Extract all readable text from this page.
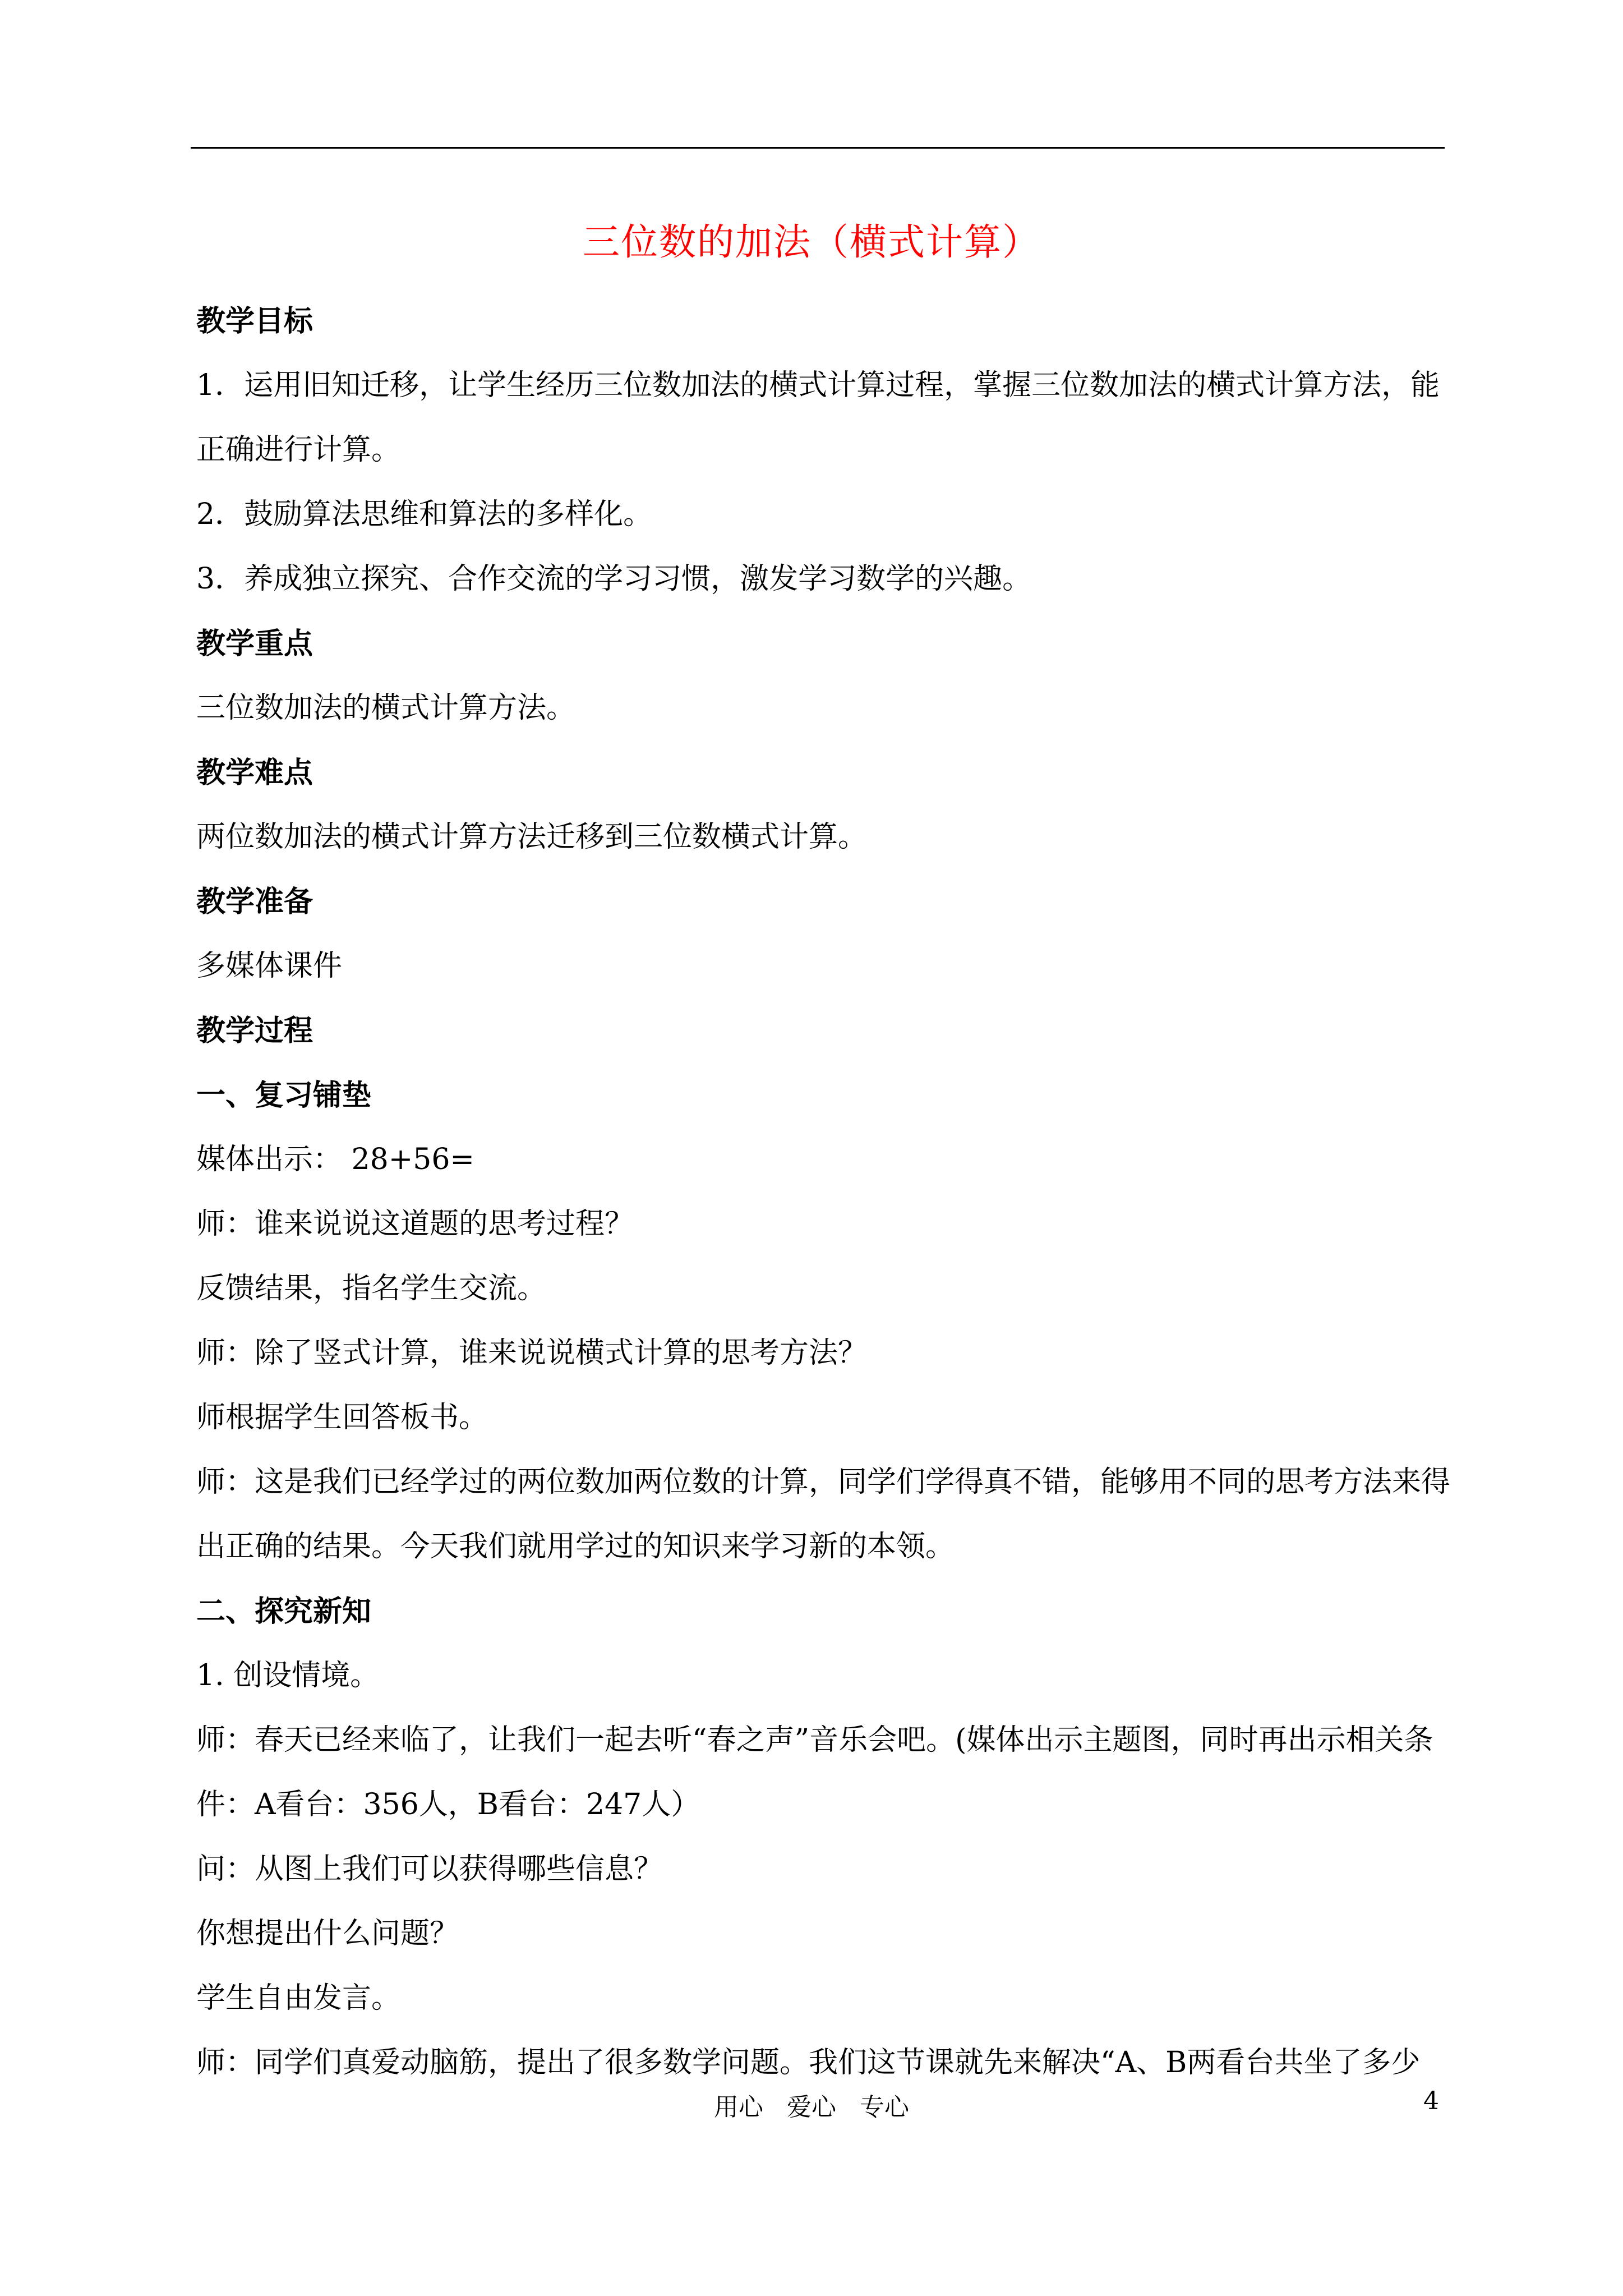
三位数的加法（横式计算）

教学目标

1．运用旧知迁移，让学生经历三位数加法的横式计算过程，掌握三位数加法的横式计算方法，能

正确进行计算。

2．鼓励算法思维和算法的多样化。

3．养成独立探究、合作交流的学习习惯，激发学习数学的兴趣。

教学重点

三位数加法的横式计算方法。

教学难点

两位数加法的横式计算方法迁移到三位数横式计算。

教学准备

多媒体课件

教学过程

一、复习铺垫

媒体出示： 28+56=

师：谁来说说这道题的思考过程？

反馈结果，指名学生交流。

师：除了竖式计算，谁来说说横式计算的思考方法？

师根据学生回答板书。

师：这是我们已经学过的两位数加两位数的计算，同学们学得真不错，能够用不同的思考方法来得

出正确的结果。今天我们就用学过的知识来学习新的本领。

二、探究新知

1. 创设情境。

师：春天已经来临了，让我们一起去听“春之声”音乐会吧。(媒体出示主题图，同时再出示相关条

件：A看台：356人，B看台：247人）

问：从图上我们可以获得哪些信息？

你想提出什么问题？

学生自由发言。

师：同学们真爱动脑筋，提出了很多数学问题。我们这节课就先来解决“A、B两看台共坐了多少

用心   爱心   专心	4
